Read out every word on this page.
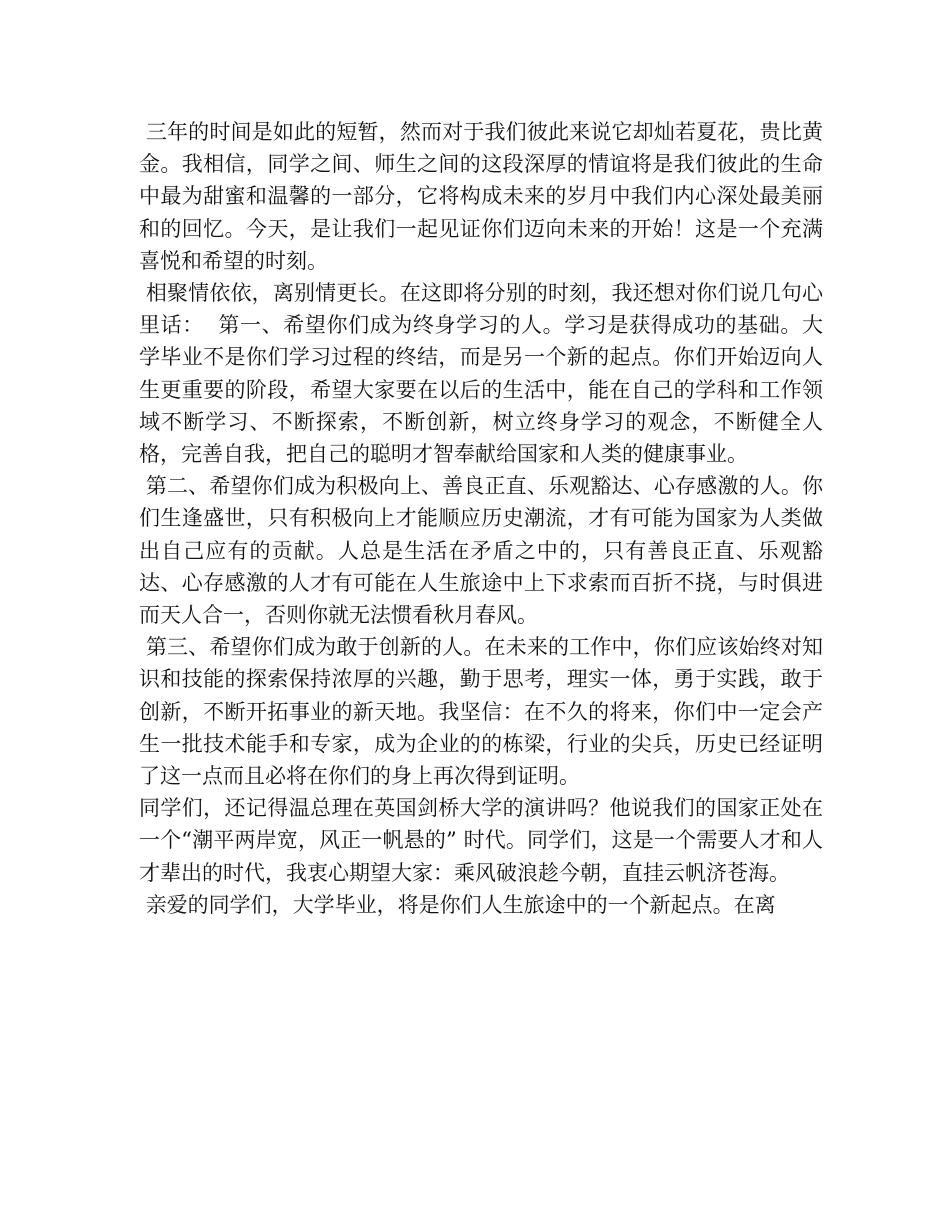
三年的时间是如此的短暂，然而对于我们彼此来说它却灿若夏花，贵比黄金。我相信，同学之间、师生之间的这段深厚的情谊将是我们彼此的生命中最为甜蜜和温馨的一部分，它将构成未来的岁月中我们内心深处最美丽和的回忆。今天，是让我们一起见证你们迈向未来的开始！这是一个充满喜悦和希望的时刻。

相聚情依依，离别情更长。在这即将分别的时刻，我还想对你们说几句心里话：  第一、希望你们成为终身学习的人。学习是获得成功的基础。大学毕业不是你们学习过程的终结，而是另一个新的起点。你们开始迈向人生更重要的阶段，希望大家要在以后的生活中，能在自己的学科和工作领域不断学习、不断探索，不断创新，树立终身学习的观念，不断健全人格，完善自我，把自己的聪明才智奉献给国家和人类的健康事业。

第二、希望你们成为积极向上、善良正直、乐观豁达、心存感激的人。你们生逢盛世，只有积极向上才能顺应历史潮流，才有可能为国家为人类做出自己应有的贡献。人总是生活在矛盾之中的，只有善良正直、乐观豁达、心存感激的人才有可能在人生旅途中上下求索而百折不挠，与时俱进而天人合一，否则你就无法惯看秋月春风。

第三、希望你们成为敢于创新的人。在未来的工作中，你们应该始终对知识和技能的探索保持浓厚的兴趣，勤于思考，理实一体，勇于实践，敢于创新，不断开拓事业的新天地。我坚信：在不久的将来，你们中一定会产生一批技术能手和专家，成为企业的的栋梁，行业的尖兵，历史已经证明了这一点而且必将在你们的身上再次得到证明。

同学们，还记得温总理在英国剑桥大学的演讲吗？他说我们的国家正处在一个“潮平两岸宽，风正一帆悬的” 时代。同学们，这是一个需要人才和人才辈出的时代，我衷心期望大家：乘风破浪趁今朝，直挂云帆济苍海。

亲爱的同学们，大学毕业，将是你们人生旅途中的一个新起点。在离
